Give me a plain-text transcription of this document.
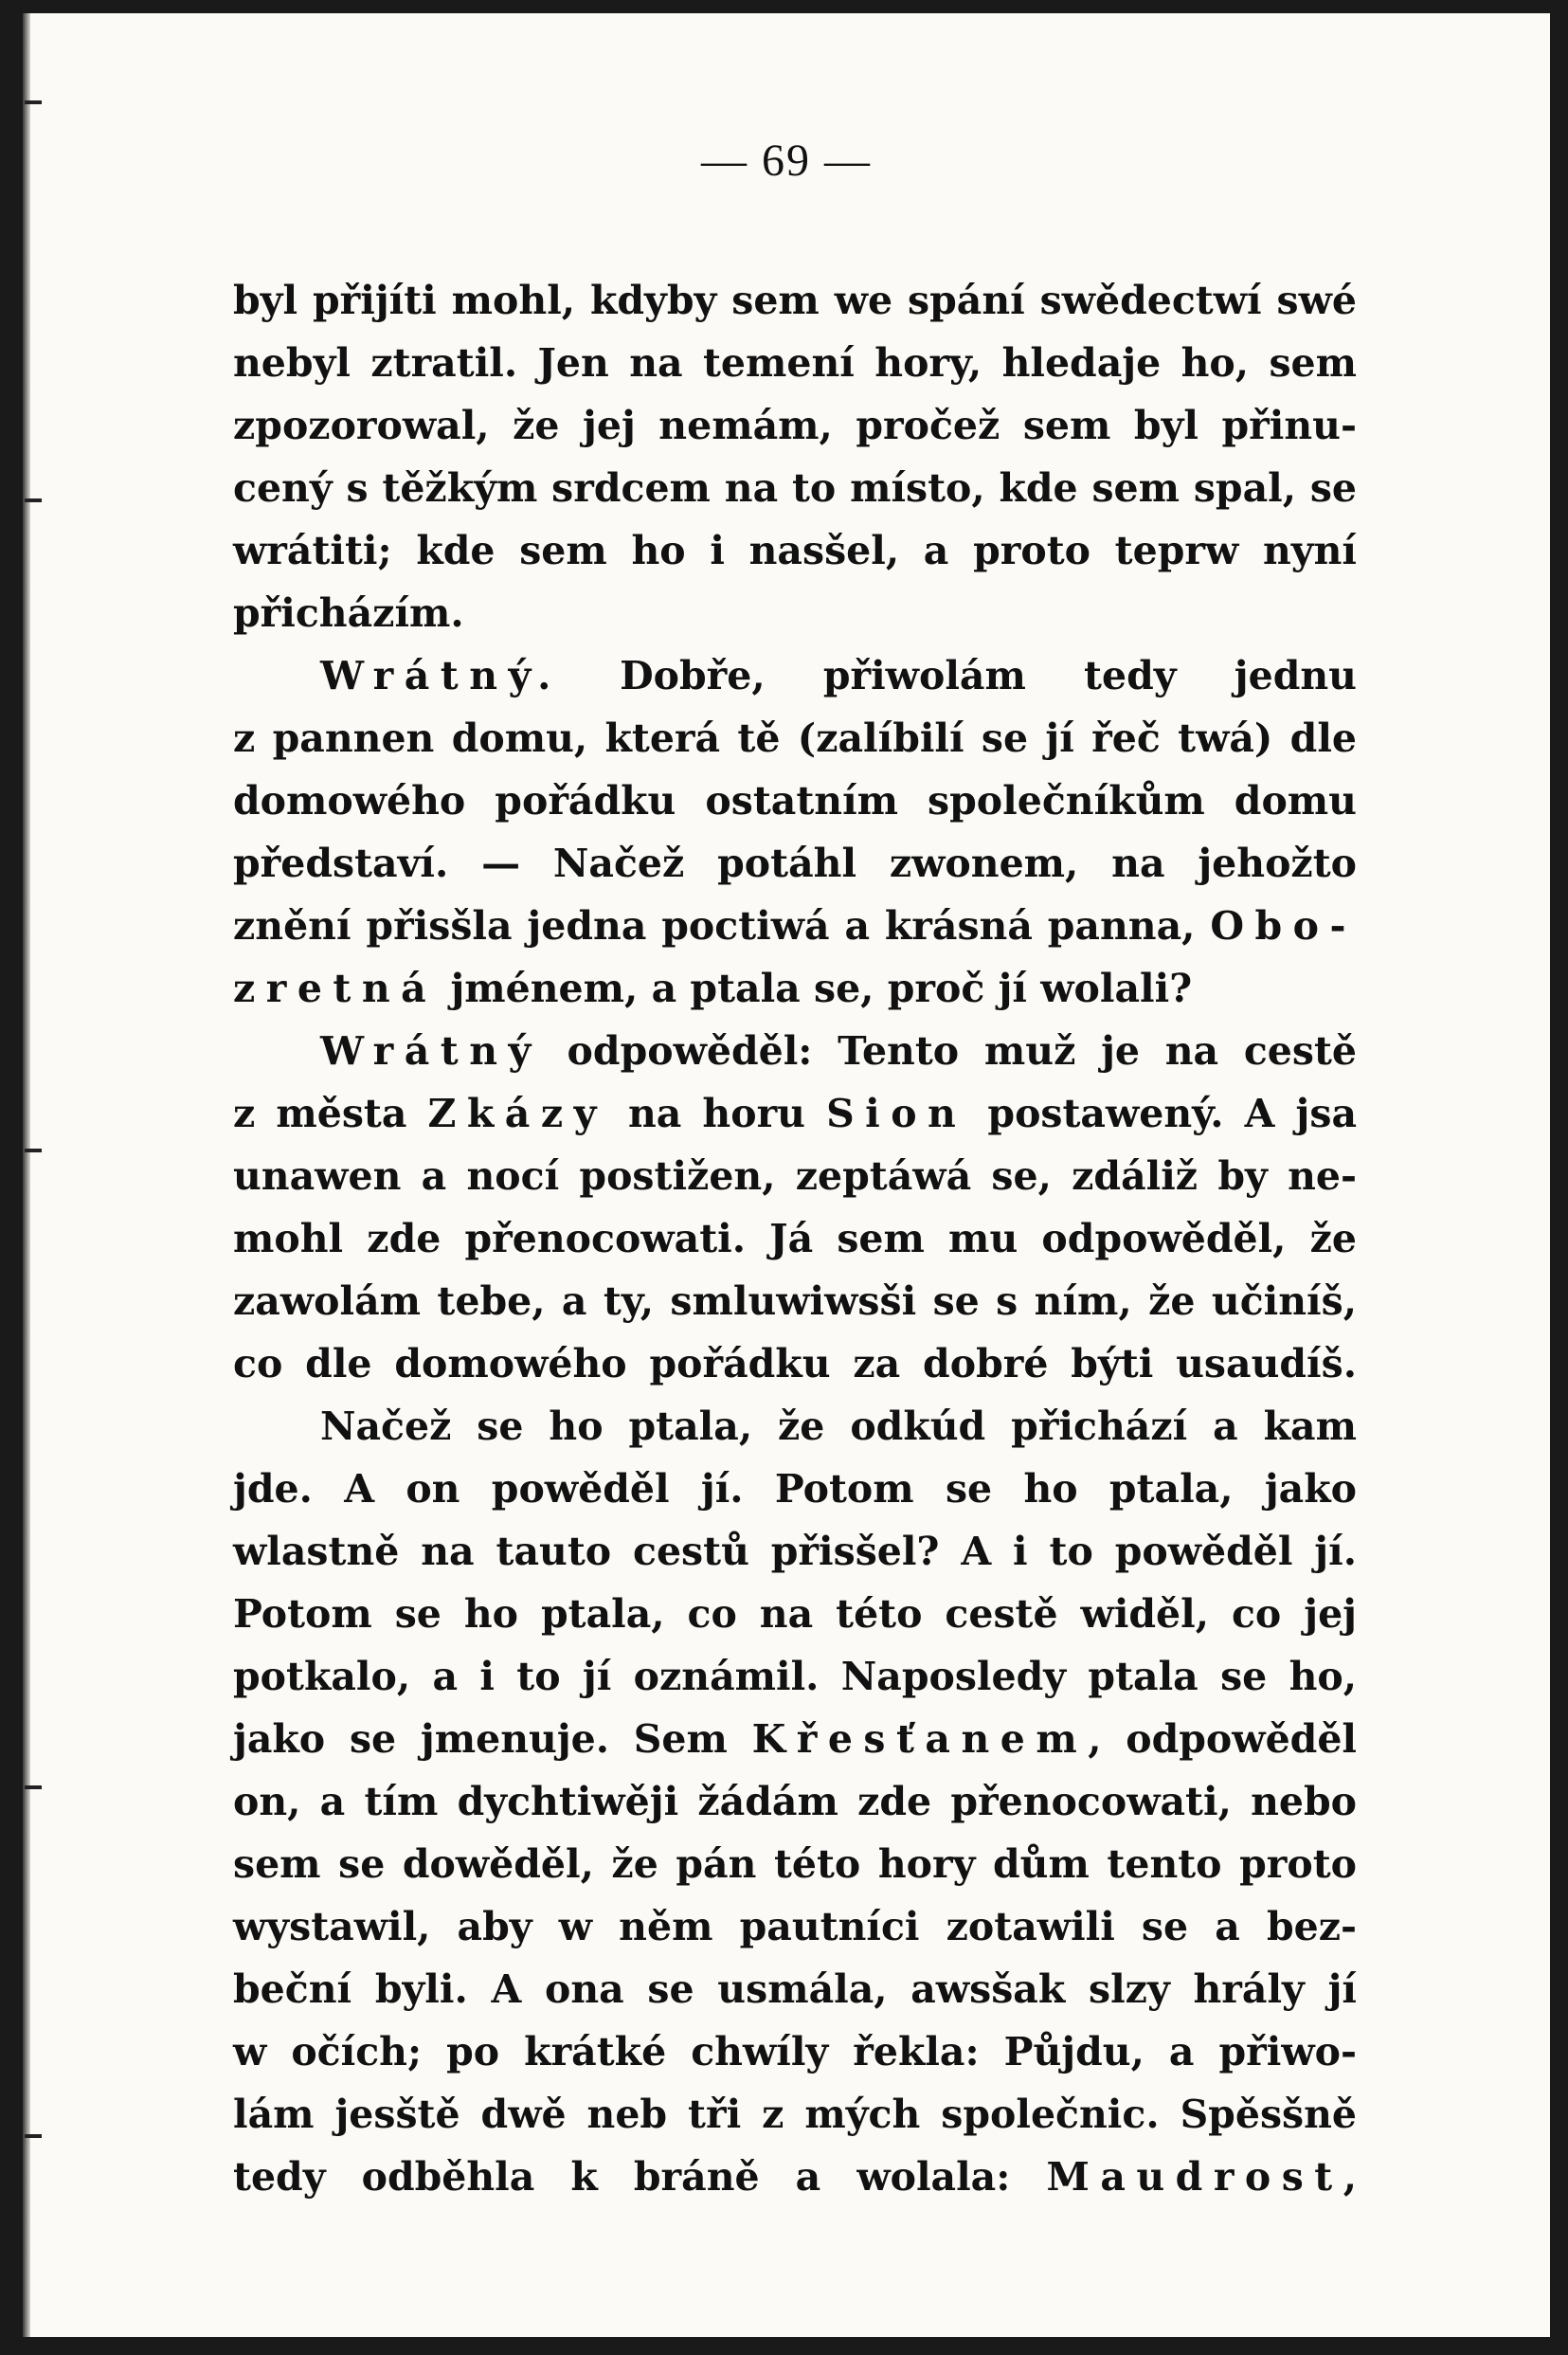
— 69 —

byl přijíti mohl, kdyby sem we spání swědectwí swé
nebyl ztratil. Jen na temení hory, hledaje ho, sem
zpozorowal, že jej nemám, pročež sem byl přinu-
cený s těžkým srdcem na to místo, kde sem spal, se
wrátiti; kde sem ho i nasšel, a proto teprw nyní
přicházím.
Wrátný. Dobře, přiwolám tedy jednu
z pannen domu, která tě (zalíbilí se jí řeč twá) dle
domowého pořádku ostatním společníkům domu
představí. — Načež potáhl zwonem, na jehožto
znění přisšla jedna poctiwá a krásná panna, Obo-
zretná jménem, a ptala se, proč jí wolali?
Wrátný odpowěděl: Tento muž je na cestě
z města Zkázy na horu Sion postawený. A jsa
unawen a nocí postižen, zeptáwá se, zdáliž by ne-
mohl zde přenocowati. Já sem mu odpowěděl, že
zawolám tebe, a ty, smluwiwsši se s ním, že učiníš,
co dle domowého pořádku za dobré býti usaudíš.
Načež se ho ptala, že odkúd přichází a kam
jde. A on powěděl jí. Potom se ho ptala, jako
wlastně na tauto cestů přisšel? A i to powěděl jí.
Potom se ho ptala, co na této cestě widěl, co jej
potkalo, a i to jí oznámil. Naposledy ptala se ho,
jako se jmenuje. Sem Křesťanem, odpowěděl
on, a tím dychtiwěji žádám zde přenocowati, nebo
sem se dowěděl, že pán této hory dům tento proto
wystawil, aby w něm pautníci zotawili se a bez-
beční byli. A ona se usmála, awsšak slzy hrály jí
w očích; po krátké chwíly řekla: Půjdu, a přiwo-
lám jesště dwě neb tři z mých společnic. Spěsšně
tedy odběhla k bráně a wolala: Maudrost,
